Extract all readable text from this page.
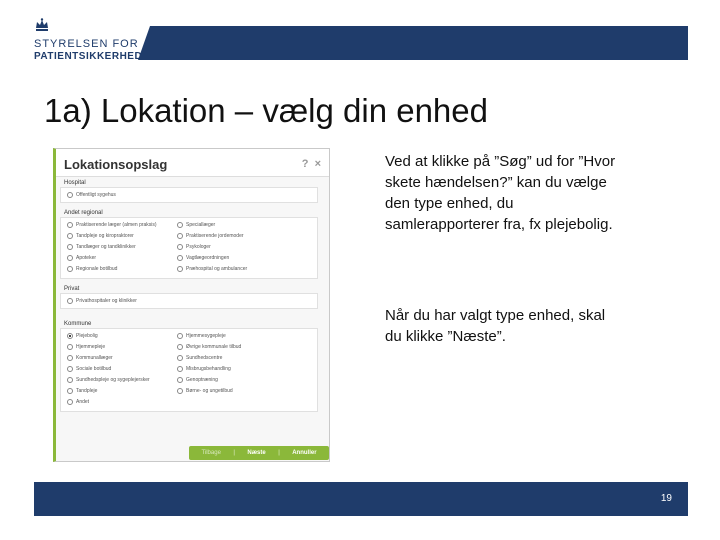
STYRELSEN FOR
PATIENTSIKKERHED
1a) Lokation – vælg din enhed
Lokationsopslag	? ×
Hospital
Offentligt sygehus
Andet regional
Praktiserende læger (almen praksis)	Speciallæger
Tandpleje og kiropraktorer	Praktiserende jordemoder
Tandlæger og tandklinikker	Psykologer
Apoteker	Vagtlægeordningen
Regionale botilbud	Præhospital og ambulancer
Privat
Privathospitaler og klinikker
Kommune
Plejebolig	Hjemmesygepleje
Hjemmepleje	Øvrige kommunale tilbud
Kommunallæger	Sundhedscentre
Sociale botilbud	Misbrugsbehandling
Sundhedspleje og sygeplejersker	Genoptræning
Tandpleje	Børne- og ungetilbud
Andet
Tilbage | Næste | Annuller
Ved at klikke på ”Søg” ud for ”Hvor skete hændelsen?” kan du vælge den type enhed, du samlerapporterer fra, fx plejebolig.
Når du har valgt type enhed, skal du klikke ”Næste”.
19
